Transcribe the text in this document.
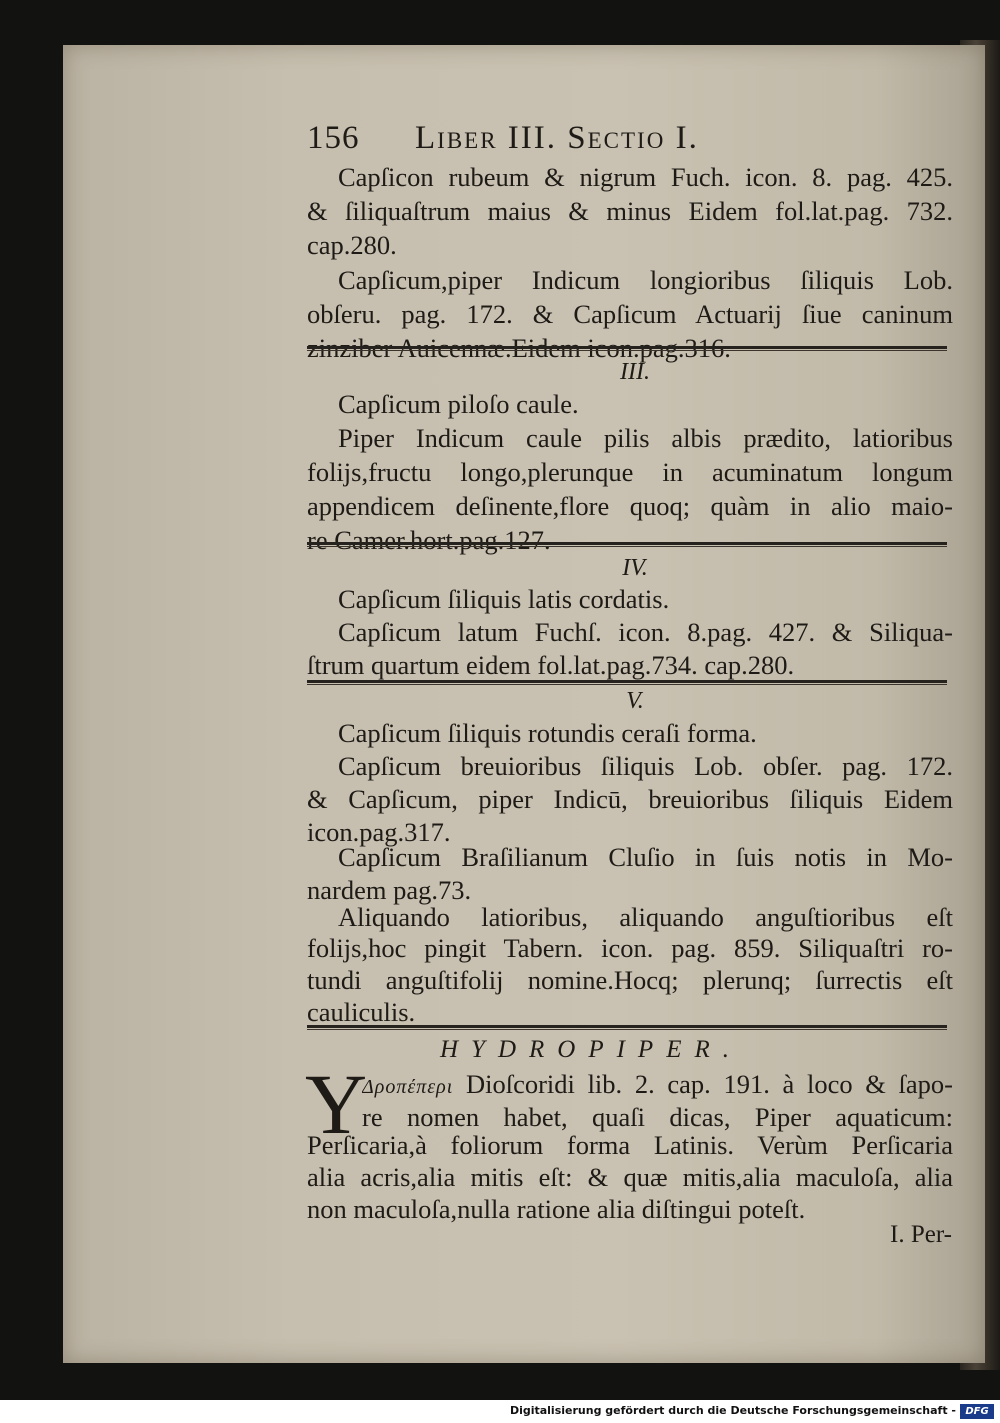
156 Liber III. Sectio I.

Capſicon rubeum & nigrum Fuch. icon. 8. pag. 425.

& ſiliquaſtrum maius & minus Eidem fol.lat.pag. 732.

cap.280.

Capſicum,piper Indicum longioribus ſiliquis Lob.

obſeru. pag. 172. & Capſicum Actuarij ſiue caninum

zinziber Auicennæ.Eidem icon.pag.316.

III.

Capſicum piloſo caule.

Piper Indicum caule pilis albis prædito, latioribus

folijs,fructu longo,plerunque in acuminatum longum

appendicem deſinente,flore quoq; quàm in alio maio-

re Camer.hort.pag.127.

IV.

Capſicum ſiliquis latis cordatis.

Capſicum latum Fuchſ. icon. 8.pag. 427. & Siliqua-

ſtrum quartum eidem fol.lat.pag.734. cap.280.

V.

Capſicum ſiliquis rotundis ceraſi forma.

Capſicum breuioribus ſiliquis Lob. obſer. pag. 172.

& Capſicum, piper Indicū, breuioribus ſiliquis Eidem

icon.pag.317.

Capſicum Braſilianum Cluſio in ſuis notis in Mo-

nardem pag.73.

Aliquando latioribus, aliquando anguſtioribus eſt

folijs,hoc pingit Tabern. icon. pag. 859. Siliquaſtri ro-

tundi anguſtifolij nomine.Hocq; plerunq; ſurrectis eſt

cauliculis.

HYDROPIPER.

Y

Δροπέπερι Dioſcoridi lib. 2. cap. 191. à loco & ſapo-

re nomen habet, quaſi dicas, Piper aquaticum:

Perſicaria,à foliorum forma Latinis. Verùm Perſicaria

alia acris,alia mitis eſt: & quæ mitis,alia maculoſa, alia

non maculoſa,nulla ratione alia diſtingui poteſt.

I. Per-

Digitalisierung gefördert durch die Deutsche Forschungsgemeinschaft - DFG
